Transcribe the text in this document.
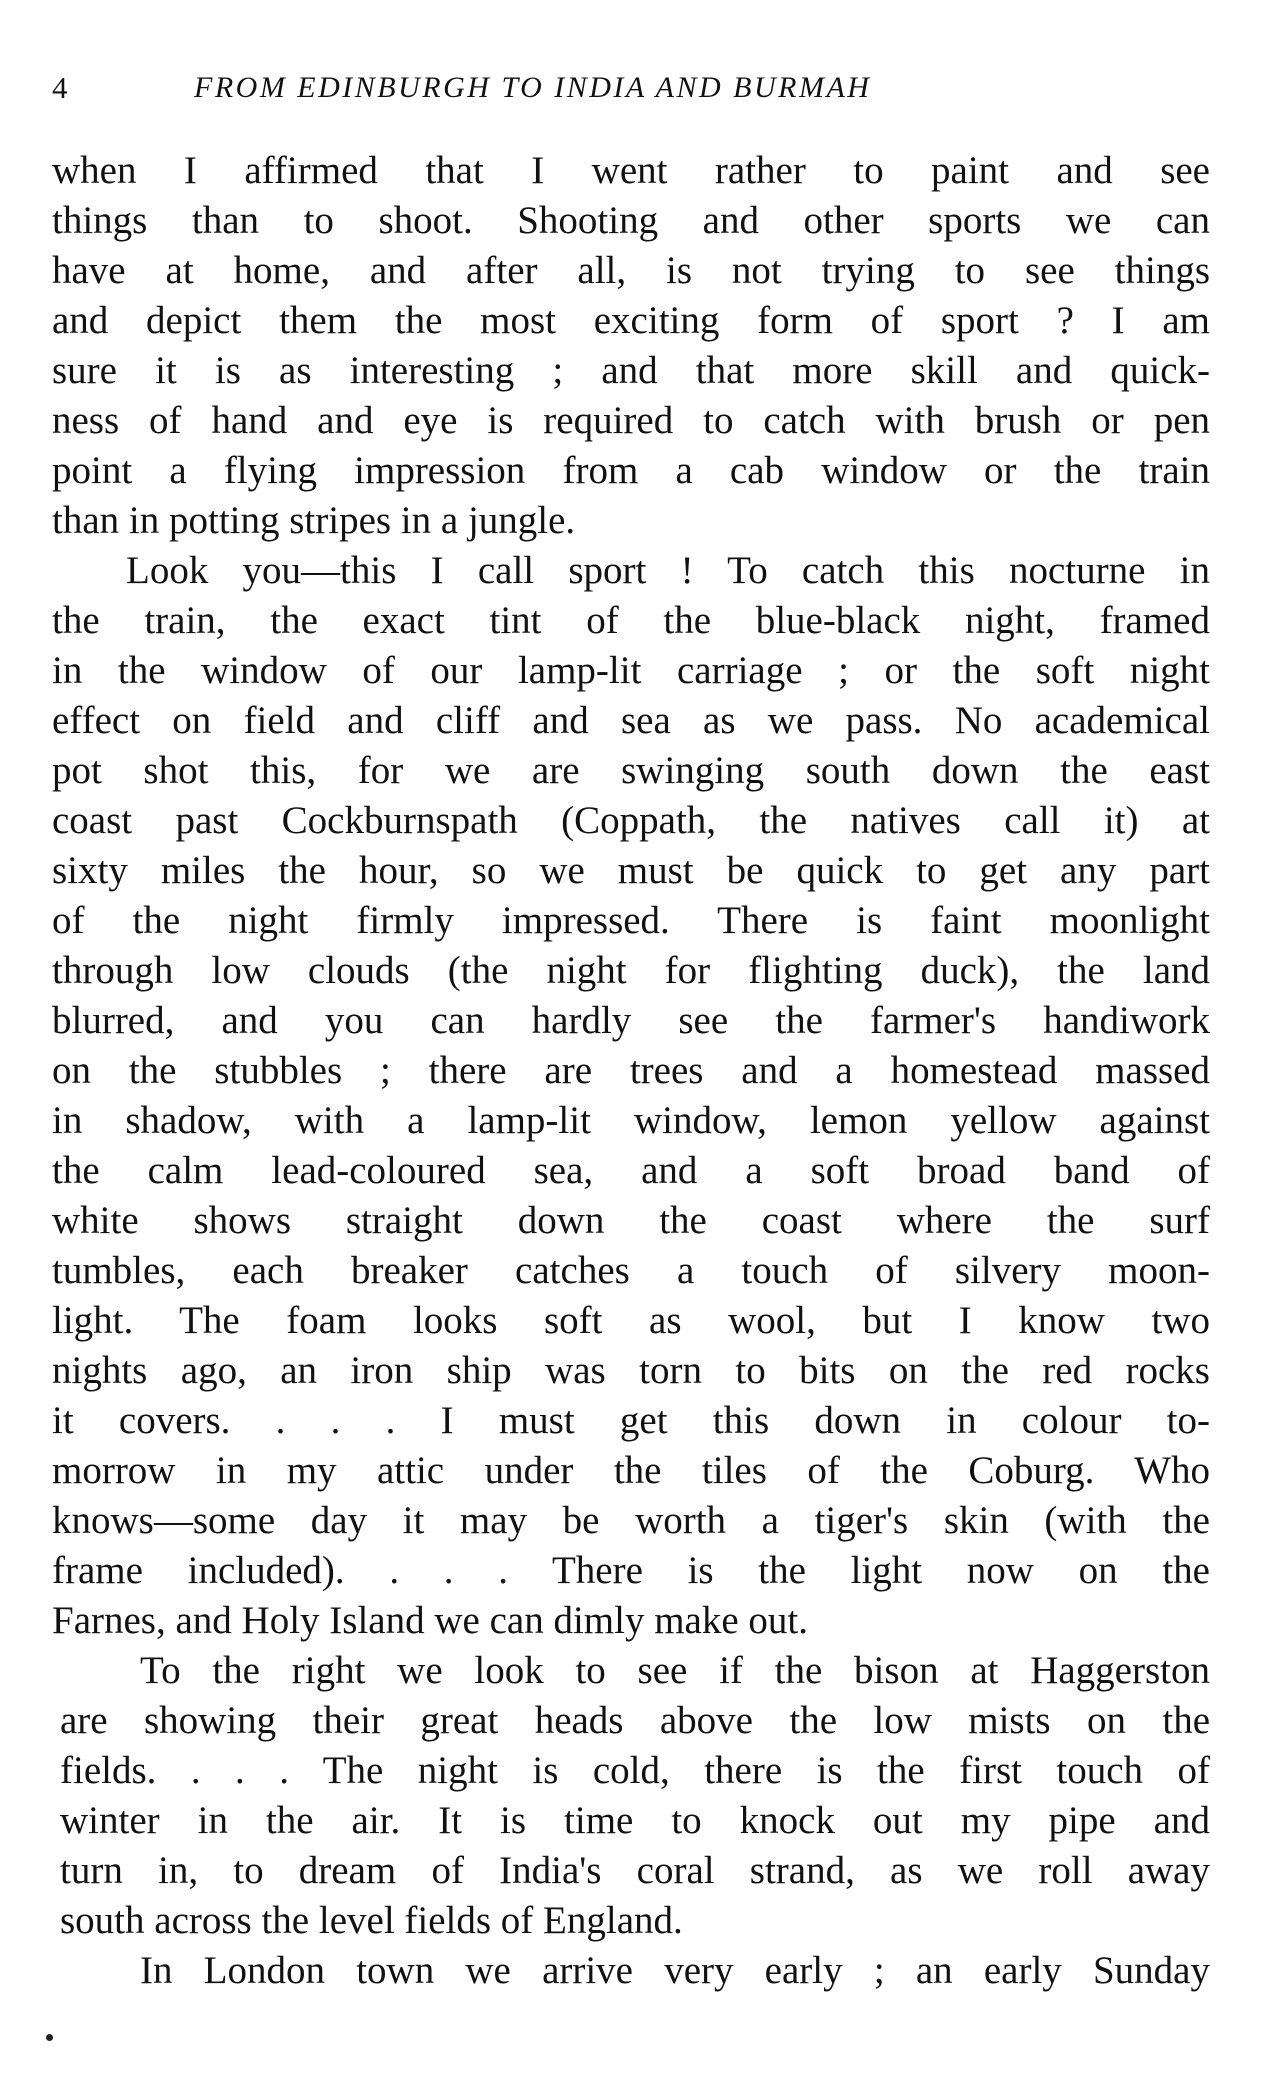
4	FROM EDINBURGH TO INDIA AND BURMAH
when I affirmed that I went rather to paint and see
things than to shoot. Shooting and other sports we can
have at home, and after all, is not trying to see things
and depict them the most exciting form of sport ? I am
sure it is as interesting ; and that more skill and quick-
ness of hand and eye is required to catch with brush or pen
point a flying impression from a cab window or the train
than in potting stripes in a jungle.
Look you—this I call sport ! To catch this nocturne in
the train, the exact tint of the blue-black night, framed
in the window of our lamp-lit carriage ; or the soft night
effect on field and cliff and sea as we pass. No academical
pot shot this, for we are swinging south down the east
coast past Cockburnspath (Coppath, the natives call it) at
sixty miles the hour, so we must be quick to get any part
of the night firmly impressed. There is faint moonlight
through low clouds (the night for flighting duck), the land
blurred, and you can hardly see the farmer's handiwork
on the stubbles ; there are trees and a homestead massed
in shadow, with a lamp-lit window, lemon yellow against
the calm lead-coloured sea, and a soft broad band of
white shows straight down the coast where the surf
tumbles, each breaker catches a touch of silvery moon-
light. The foam looks soft as wool, but I know two
nights ago, an iron ship was torn to bits on the red rocks
it covers. . . . I must get this down in colour to-
morrow in my attic under the tiles of the Coburg. Who
knows—some day it may be worth a tiger's skin (with the
frame included). . . . There is the light now on the
Farnes, and Holy Island we can dimly make out.
To the right we look to see if the bison at Haggerston
are showing their great heads above the low mists on the
fields. . . . The night is cold, there is the first touch of
winter in the air. It is time to knock out my pipe and
turn in, to dream of India's coral strand, as we roll away
south across the level fields of England.
In London town we arrive very early ; an early Sunday
